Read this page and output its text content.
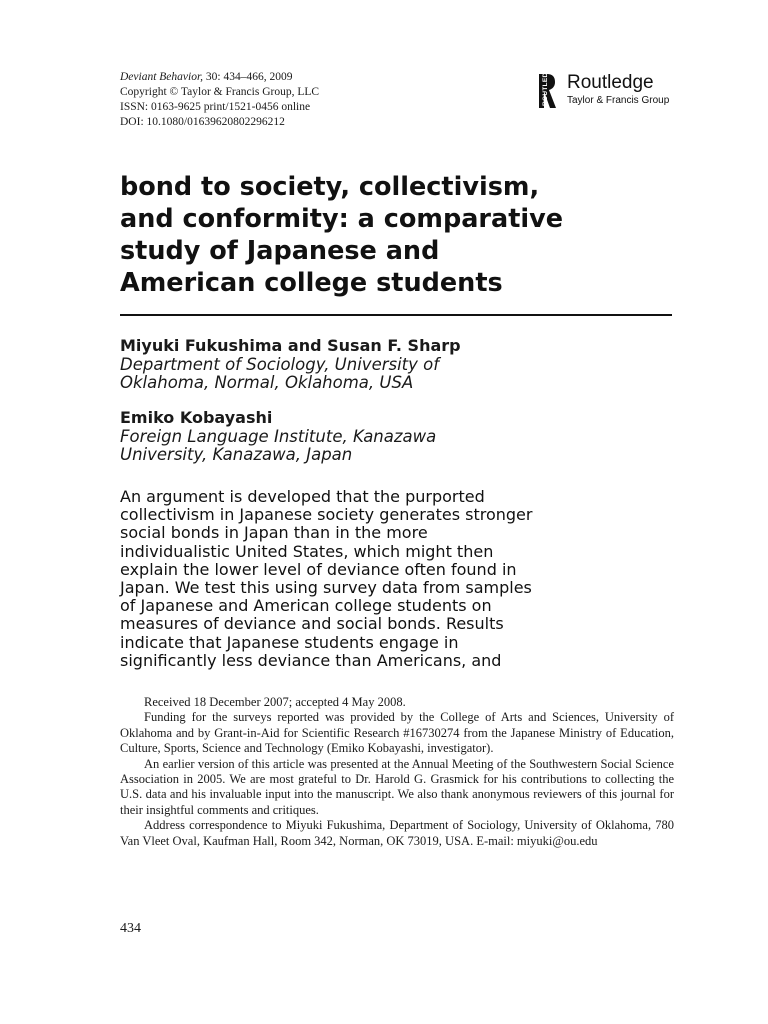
Deviant Behavior, 30: 434–466, 2009
Copyright © Taylor & Francis Group, LLC
ISSN: 0163-9625 print/1521-0456 online
DOI: 10.1080/01639620802296212
ROUTLEDGE Routledge
Taylor & Francis Group
bond to society, collectivism,
and conformity: a comparative
study of Japanese and
American college students
Miyuki Fukushima and Susan F. Sharp
Department of Sociology, University of
Oklahoma, Normal, Oklahoma, USA
Emiko Kobayashi
Foreign Language Institute, Kanazawa
University, Kanazawa, Japan
An argument is developed that the purported
collectivism in Japanese society generates stronger
social bonds in Japan than in the more
individualistic United States, which might then
explain the lower level of deviance often found in
Japan. We test this using survey data from samples
of Japanese and American college students on
measures of deviance and social bonds. Results
indicate that Japanese students engage in
significantly less deviance than Americans, and

Received 18 December 2007; accepted 4 May 2008.

Funding for the surveys reported was provided by the College of Arts and Sciences, University of Oklahoma and by Grant-in-Aid for Scientific Research #16730274 from the Japanese Ministry of Education, Culture, Sports, Science and Technology (Emiko Kobayashi, investigator).

An earlier version of this article was presented at the Annual Meeting of the Southwestern Social Science Association in 2005. We are most grateful to Dr. Harold G. Grasmick for his contributions to collecting the U.S. data and his invaluable input into the manuscript. We also thank anonymous reviewers of this journal for their insightful comments and critiques.

Address correspondence to Miyuki Fukushima, Department of Sociology, University of Oklahoma, 780 Van Vleet Oval, Kaufman Hall, Room 342, Norman, OK 73019, USA. E-mail: miyuki@ou.edu

434
